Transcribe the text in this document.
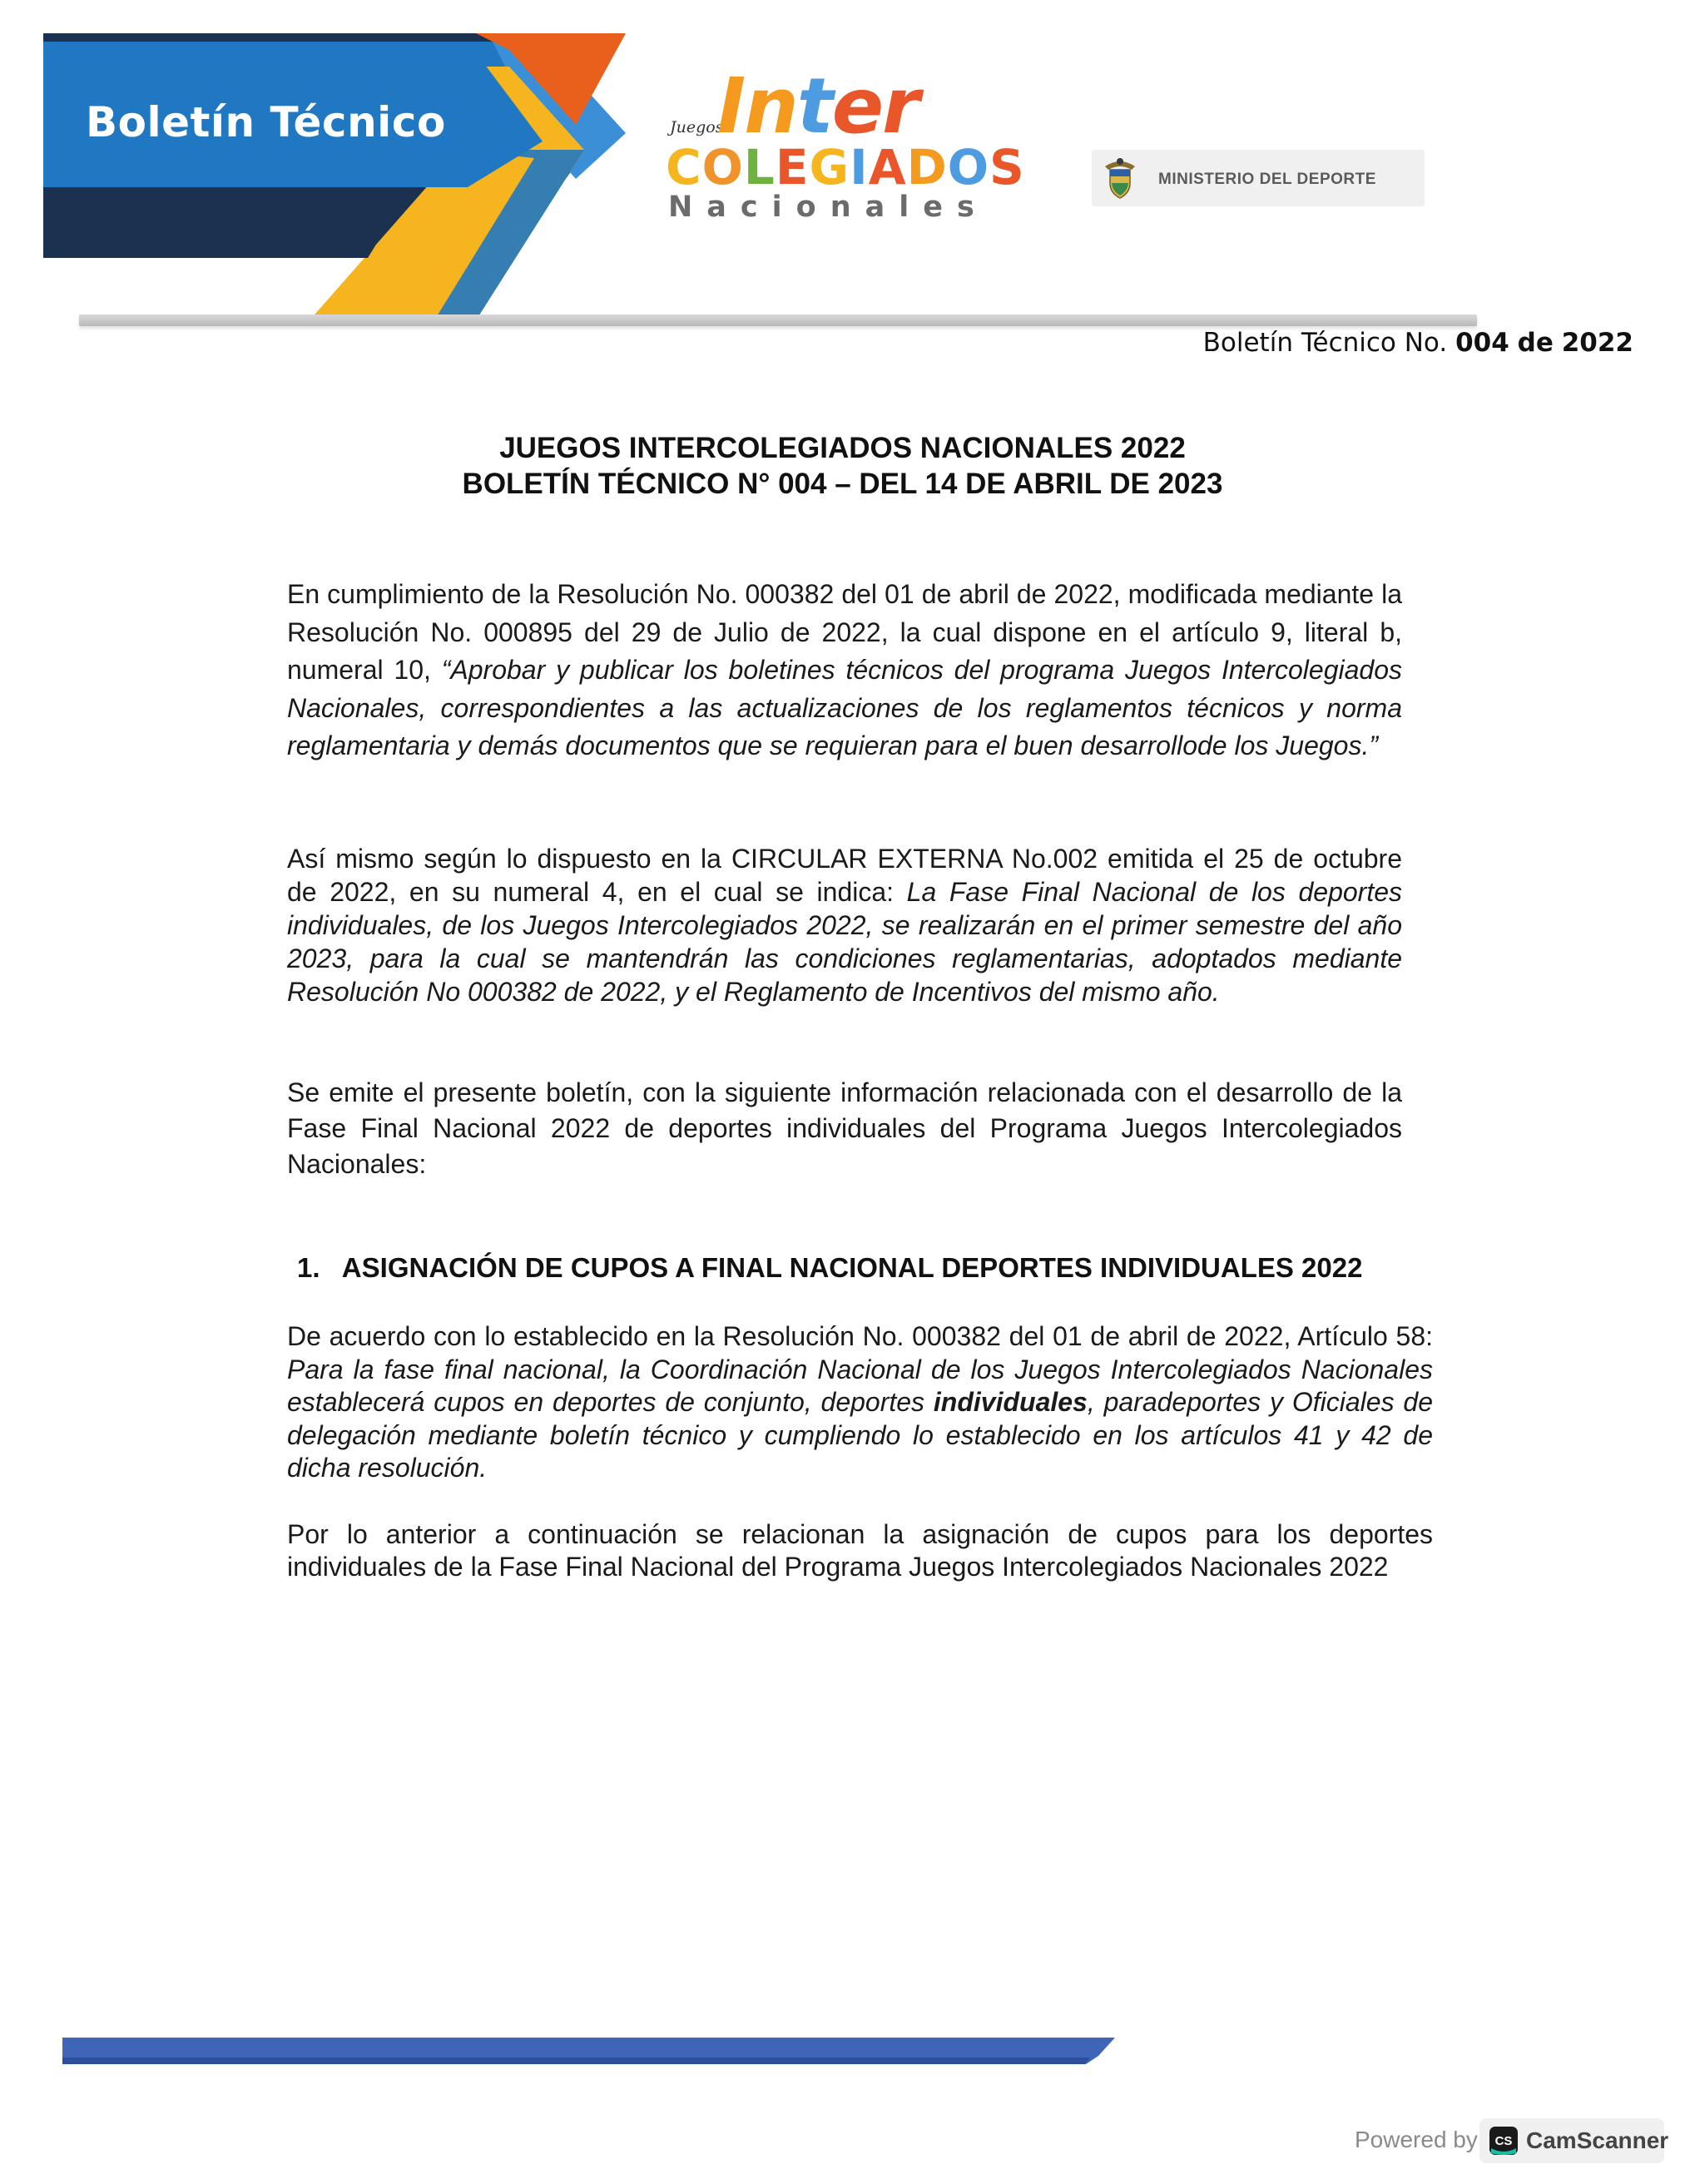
Boletín Técnico	Juegos
Inter
COLEGIADOS
Nacionales
MINISTERIO DEL DEPORTE
Boletín Técnico No. 004 de 2022
JUEGOS INTERCOLEGIADOS NACIONALES 2022
BOLETÍN TÉCNICO N° 004 – DEL 14 DE ABRIL DE 2023

En cumplimiento de la Resolución No. 000382 del 01 de abril de 2022, modificada mediante la Resolución No. 000895 del 29 de Julio de 2022, la cual dispone en el artículo 9, literal b, numeral 10, “Aprobar y publicar los boletines técnicos del programa Juegos Intercolegiados Nacionales, correspondientes a las actualizaciones de los reglamentos técnicos y norma reglamentaria y demás documentos que se requieran para el buen desarrollode los Juegos.”

Así mismo según lo dispuesto en la CIRCULAR EXTERNA No.002 emitida el 25 de octubre de 2022, en su numeral 4, en el cual se indica: La Fase Final Nacional de los deportes individuales, de los Juegos Intercolegiados 2022, se realizarán en el primer semestre del año 2023, para la cual se mantendrán las condiciones reglamentarias, adoptados mediante Resolución No 000382 de 2022, y el Reglamento de Incentivos del mismo año.

Se emite el presente boletín, con la siguiente información relacionada con el desarrollo de la Fase Final Nacional 2022 de deportes individuales del Programa Juegos Intercolegiados Nacionales:

1.   ASIGNACIÓN DE CUPOS A FINAL NACIONAL DEPORTES INDIVIDUALES 2022

De acuerdo con lo establecido en la Resolución No. 000382 del 01 de abril de 2022, Artículo 58: Para la fase final nacional, la Coordinación Nacional de los Juegos Intercolegiados Nacionales establecerá cupos en deportes de conjunto, deportes individuales, paradeportes y Oficiales de delegación mediante boletín técnico y cumpliendo lo establecido en los artículos 41 y 42 de dicha resolución.

Por lo anterior a continuación se relacionan la asignación de cupos para los deportes individuales de la Fase Final Nacional del Programa Juegos Intercolegiados Nacionales 2022

Powered by CS CamScanner
